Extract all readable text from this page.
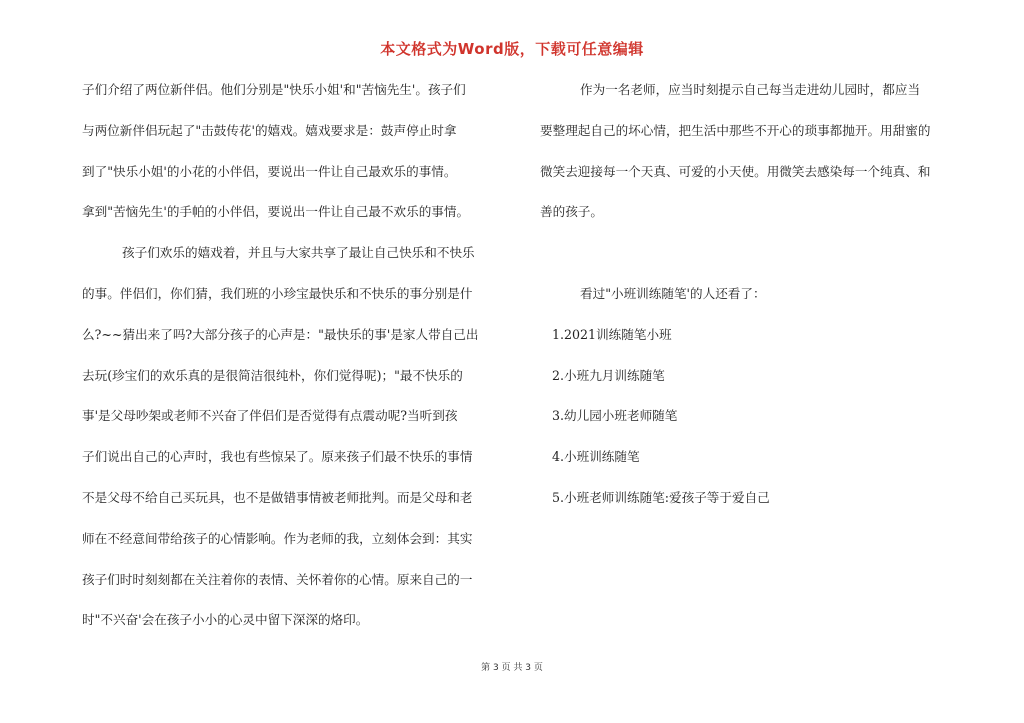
本文格式为Word版，下载可任意编辑
子们介绍了两位新伴侣。他们分别是"快乐小姐'和"苦恼先生'。孩子们
与两位新伴侣玩起了"击鼓传花'的嬉戏。嬉戏要求是：鼓声停止时拿
到了"快乐小姐'的小花的小伴侣，要说出一件让自己最欢乐的事情。
拿到"苦恼先生'的手帕的小伴侣，要说出一件让自己最不欢乐的事情。
孩子们欢乐的嬉戏着，并且与大家共享了最让自己快乐和不快乐
的事。伴侣们，你们猜，我们班的小珍宝最快乐和不快乐的事分别是什
么?~~猜出来了吗?大部分孩子的心声是："最快乐的事'是家人带自己出
去玩(珍宝们的欢乐真的是很简洁很纯朴，你们觉得呢)；"最不快乐的
事'是父母吵架或老师不兴奋了伴侣们是否觉得有点震动呢?当听到孩
子们说出自己的心声时，我也有些惊呆了。原来孩子们最不快乐的事情
不是父母不给自己买玩具，也不是做错事情被老师批判。而是父母和老
师在不经意间带给孩子的心情影响。作为老师的我，立刻体会到：其实
孩子们时时刻刻都在关注着你的表情、关怀着你的心情。原来自己的一
时"不兴奋'会在孩子小小的心灵中留下深深的烙印。
作为一名老师，应当时刻提示自己每当走进幼儿园时，都应当
要整理起自己的坏心情，把生活中那些不开心的琐事都抛开。用甜蜜的
微笑去迎接每一个天真、可爱的小天使。用微笑去感染每一个纯真、和
善的孩子。
看过"小班训练随笔'的人还看了：
1.2021训练随笔小班
2.小班九月训练随笔
3.幼儿园小班老师随笔
4.小班训练随笔
5.小班老师训练随笔:爱孩子等于爱自己
第 3 页 共 3 页
